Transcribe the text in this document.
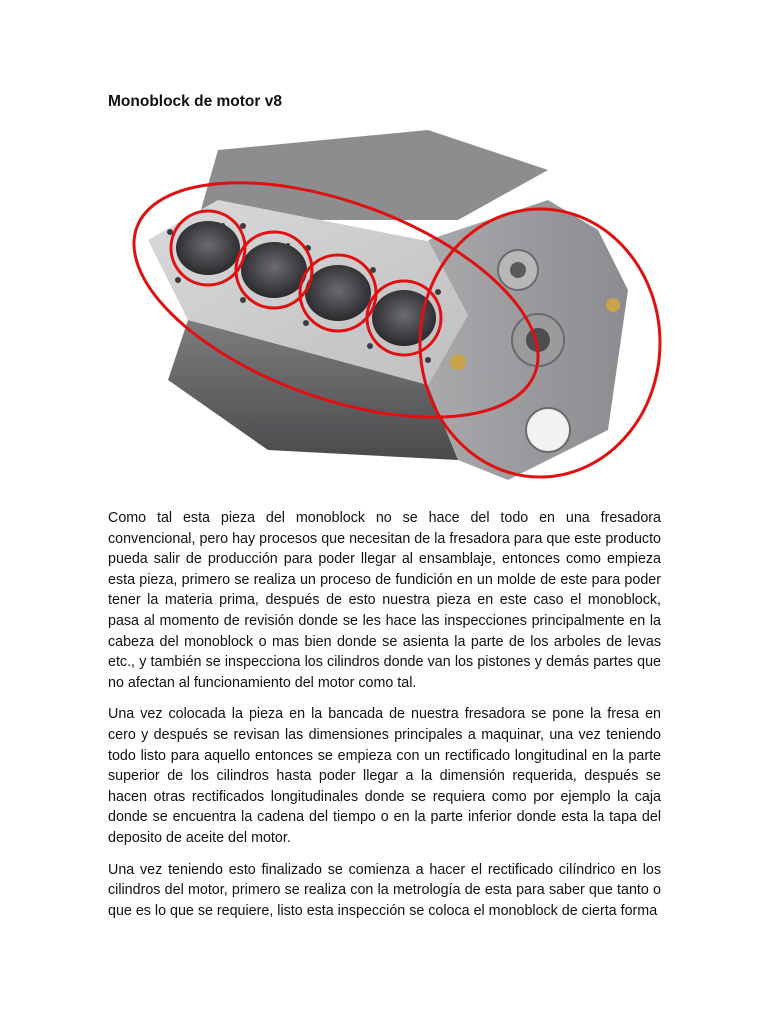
Monoblock de motor v8

Como tal esta pieza del monoblock no se hace del todo en una fresadora convencional, pero hay procesos que necesitan de la fresadora para que este producto pueda salir de producción para poder llegar al ensamblaje, entonces como empieza esta pieza, primero se realiza un proceso de fundición en un molde de este para poder tener la materia prima, después de esto nuestra pieza en este caso el monoblock, pasa al momento de revisión donde se les hace las inspecciones principalmente en la cabeza del monoblock o mas bien donde se asienta la parte de los arboles de levas etc., y también se inspecciona los cilindros donde van los pistones y demás partes que no afectan al funcionamiento del motor como tal.

Una vez colocada la pieza en la bancada de nuestra fresadora se pone la fresa en cero y después se revisan las dimensiones principales a maquinar, una vez teniendo todo listo para aquello entonces se empieza con un rectificado longitudinal en la parte superior de los cilindros hasta poder llegar a la dimensión requerida, después se hacen otras rectificados longitudinales donde se requiera como por ejemplo la caja donde se encuentra la cadena del tiempo o en la parte inferior donde esta la tapa del deposito de aceite del motor.

Una vez teniendo esto finalizado se comienza a hacer el rectificado cilíndrico en los cilindros del motor, primero se realiza con la metrología de esta para saber que tanto o que es lo que se requiere, listo esta inspección se coloca el monoblock de cierta forma
